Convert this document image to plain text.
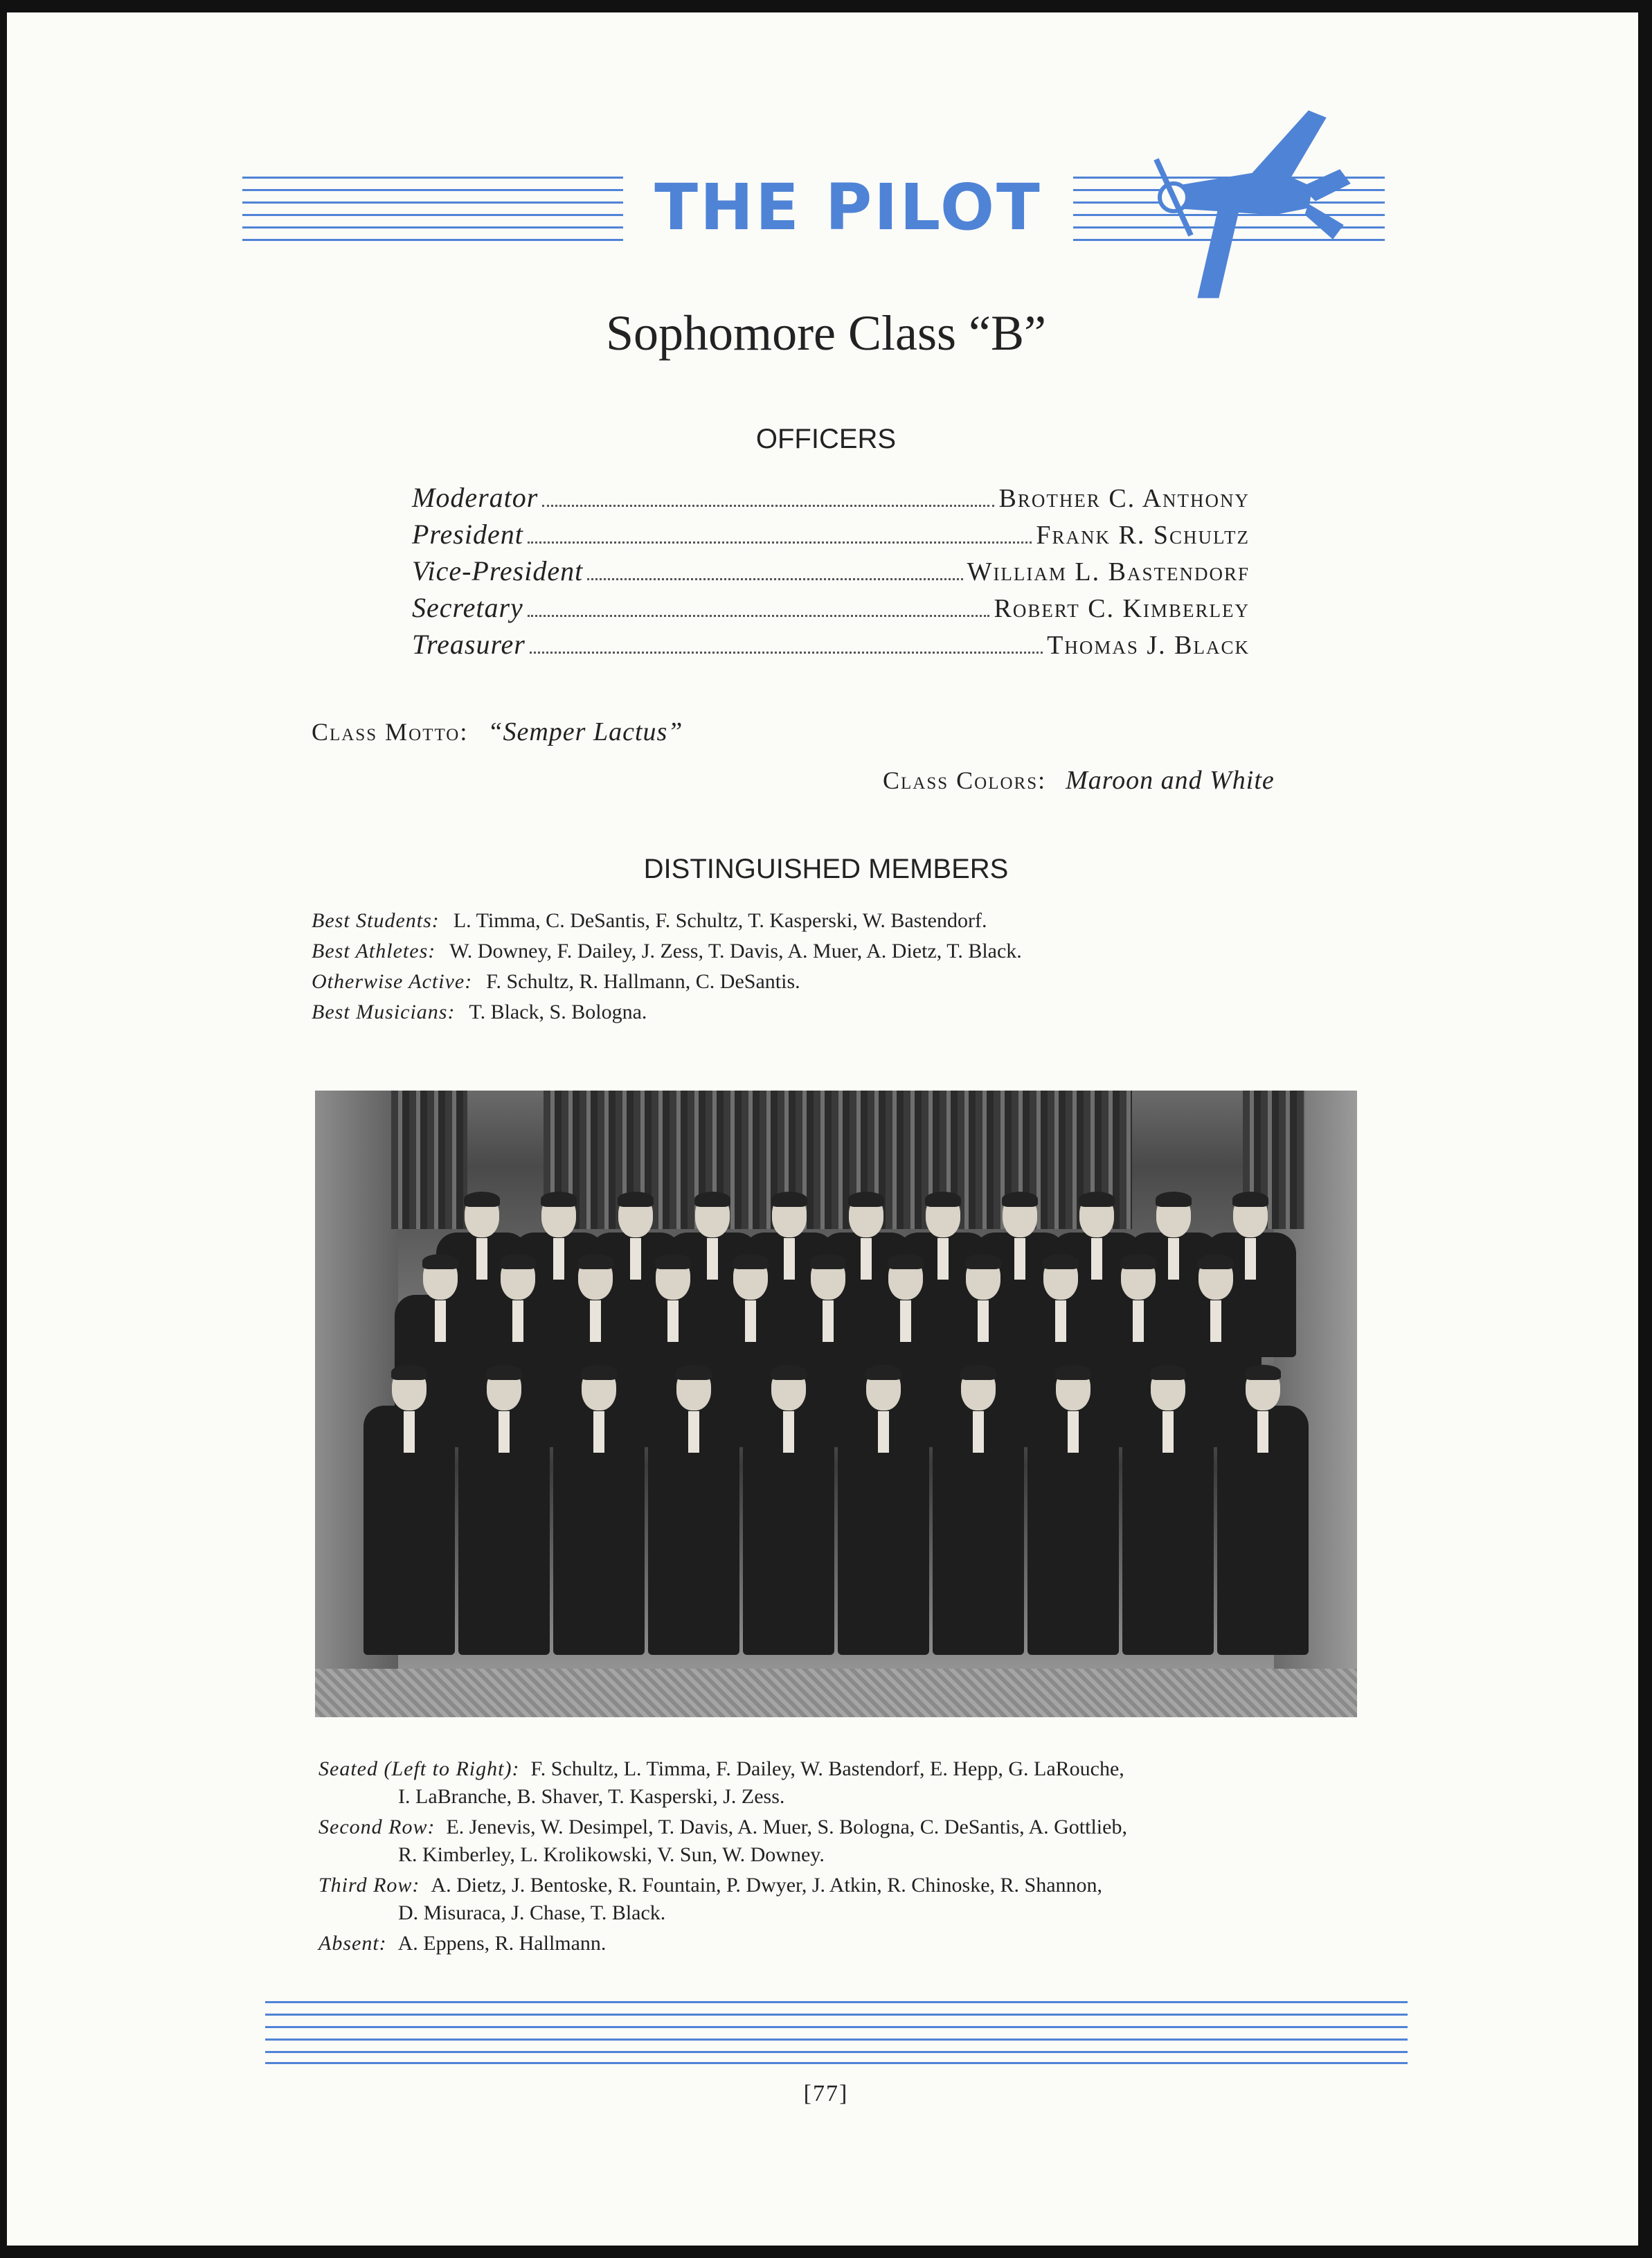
THE PILOT
Sophomore Class “B”
OFFICERS
Moderator	Brother C. Anthony
President	Frank R. Schultz
Vice-President	William L. Bastendorf
Secretary	Robert C. Kimberley
Treasurer	Thomas J. Black
Class Motto: “Semper Lactus”
Class Colors: Maroon and White
DISTINGUISHED MEMBERS
Best Students: L. Timma, C. DeSantis, F. Schultz, T. Kasperski, W. Bastendorf.
Best Athletes: W. Downey, F. Dailey, J. Zess, T. Davis, A. Muer, A. Dietz, T. Black.
Otherwise Active: F. Schultz, R. Hallmann, C. DeSantis.
Best Musicians: T. Black, S. Bologna.
Seated (Left to Right): F. Schultz, L. Timma, F. Dailey, W. Bastendorf, E. Hepp, G. LaRouche,
I. LaBranche, B. Shaver, T. Kasperski, J. Zess.
Second Row: E. Jenevis, W. Desimpel, T. Davis, A. Muer, S. Bologna, C. DeSantis, A. Gottlieb,
R. Kimberley, L. Krolikowski, V. Sun, W. Downey.
Third Row: A. Dietz, J. Bentoske, R. Fountain, P. Dwyer, J. Atkin, R. Chinoske, R. Shannon,
D. Misuraca, J. Chase, T. Black.
Absent: A. Eppens, R. Hallmann.
[77]
